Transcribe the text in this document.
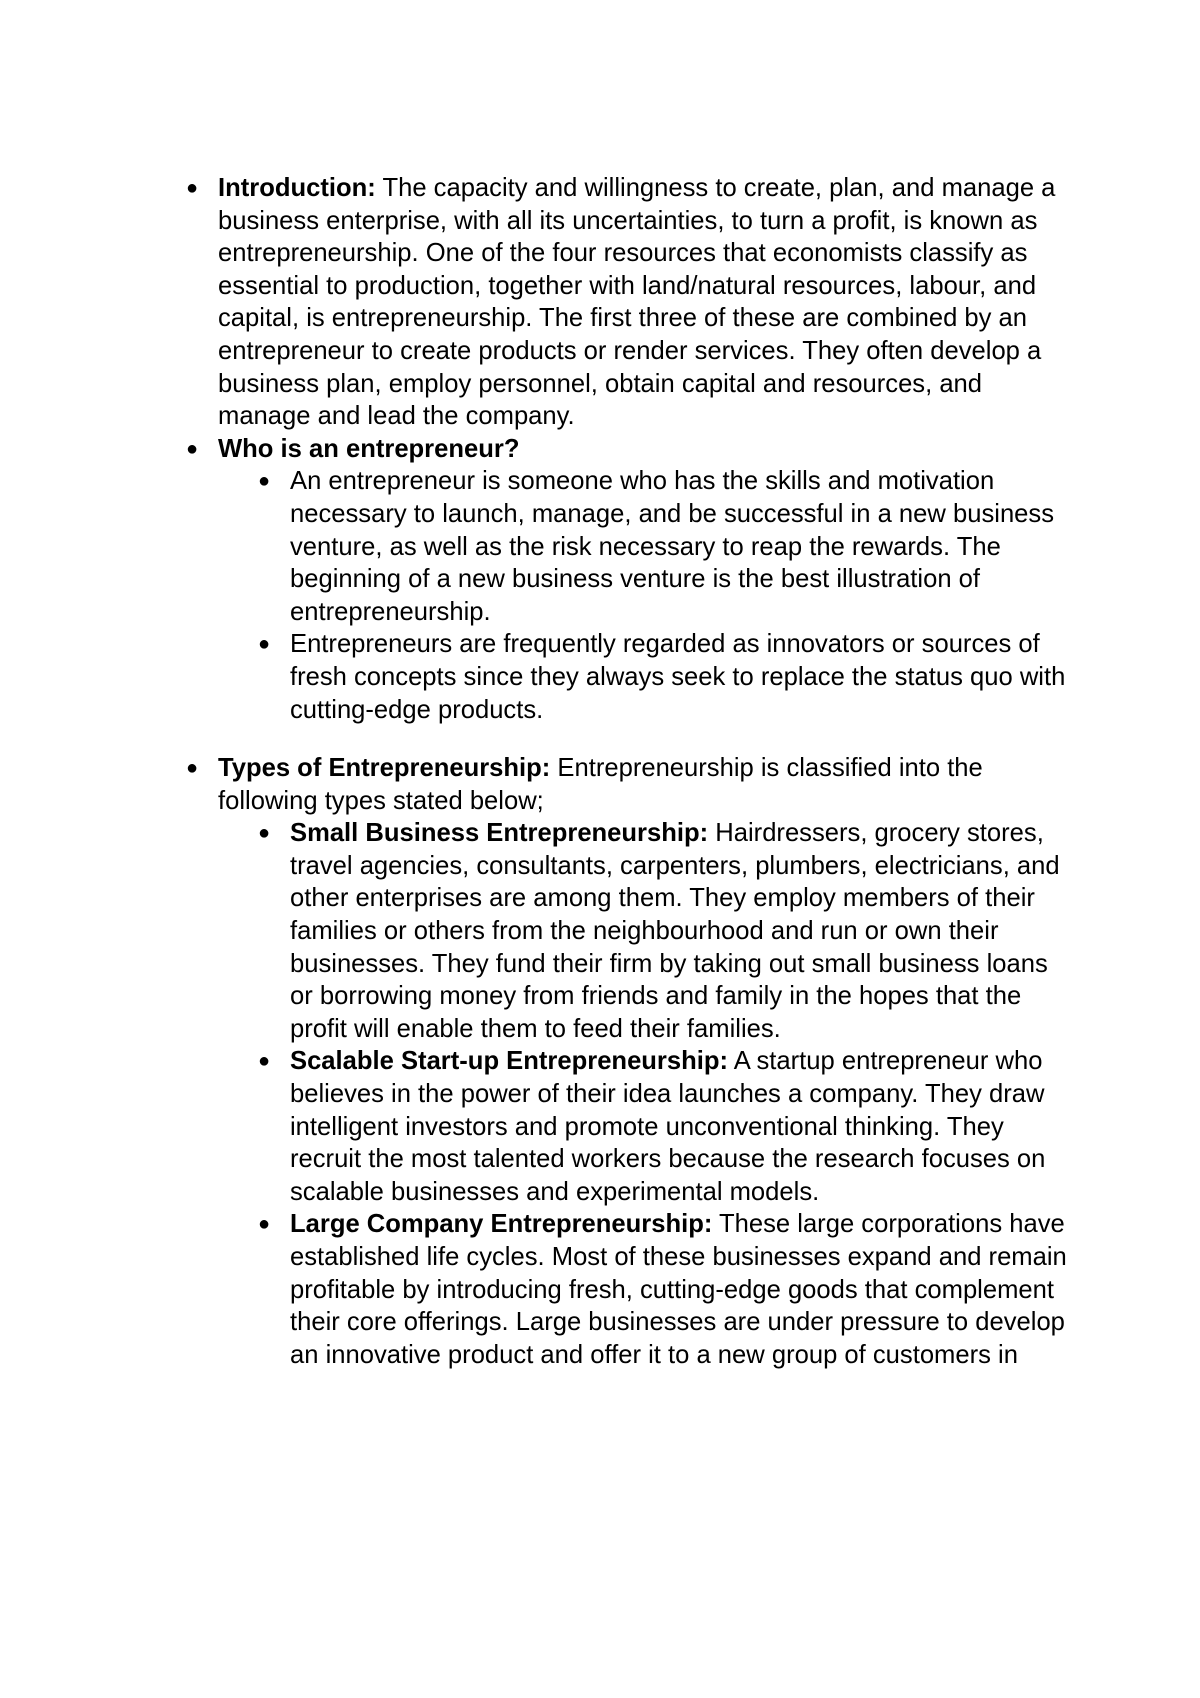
● Introduction: The capacity and willingness to create, plan, and manage a business enterprise, with all its uncertainties, to turn a profit, is known as entrepreneurship. One of the four resources that economists classify as essential to production, together with land/natural resources, labour, and capital, is entrepreneurship. The first three of these are combined by an entrepreneur to create products or render services. They often develop a business plan, employ personnel, obtain capital and resources, and manage and lead the company.
● Who is an entrepreneur?
● An entrepreneur is someone who has the skills and motivation necessary to launch, manage, and be successful in a new business venture, as well as the risk necessary to reap the rewards. The beginning of a new business venture is the best illustration of entrepreneurship.
● Entrepreneurs are frequently regarded as innovators or sources of fresh concepts since they always seek to replace the status quo with cutting-edge products.
● Types of Entrepreneurship: Entrepreneurship is classified into the following types stated below;
● Small Business Entrepreneurship: Hairdressers, grocery stores, travel agencies, consultants, carpenters, plumbers, electricians, and other enterprises are among them. They employ members of their families or others from the neighbourhood and run or own their businesses. They fund their firm by taking out small business loans or borrowing money from friends and family in the hopes that the profit will enable them to feed their families.
● Scalable Start-up Entrepreneurship: A startup entrepreneur who believes in the power of their idea launches a company. They draw intelligent investors and promote unconventional thinking. They recruit the most talented workers because the research focuses on scalable businesses and experimental models.
● Large Company Entrepreneurship: These large corporations have established life cycles. Most of these businesses expand and remain profitable by introducing fresh, cutting-edge goods that complement their core offerings. Large businesses are under pressure to develop an innovative product and offer it to a new group of customers in
